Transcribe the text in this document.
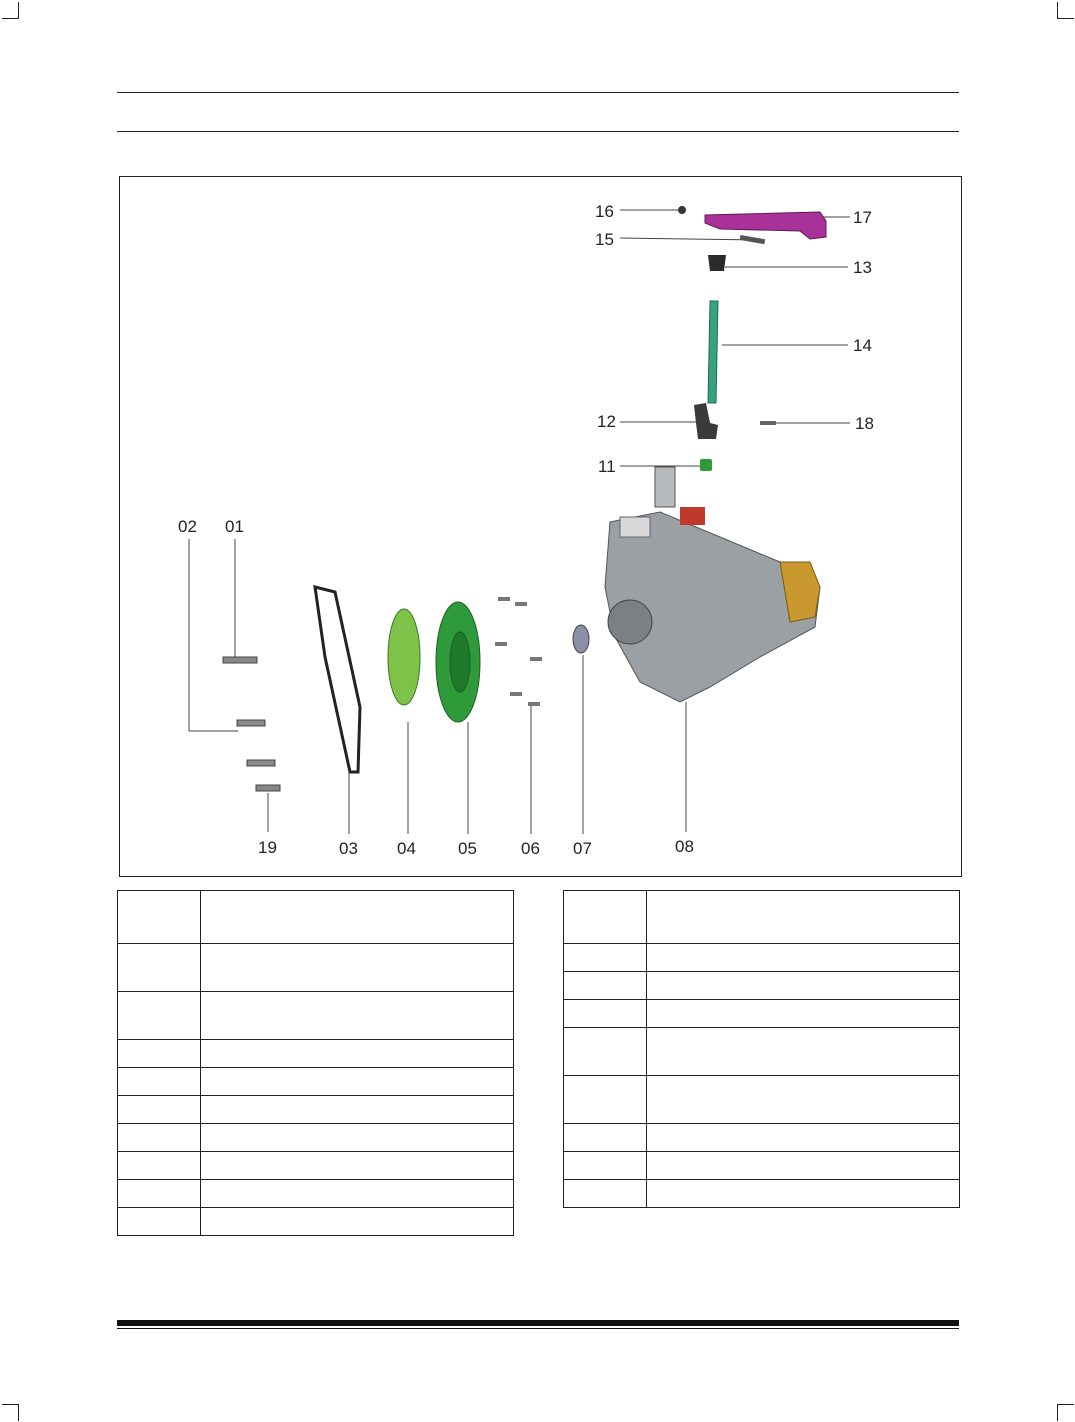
16	17
15
13
14
12	18
11
02 01
19	03 04 05	06 07	08
